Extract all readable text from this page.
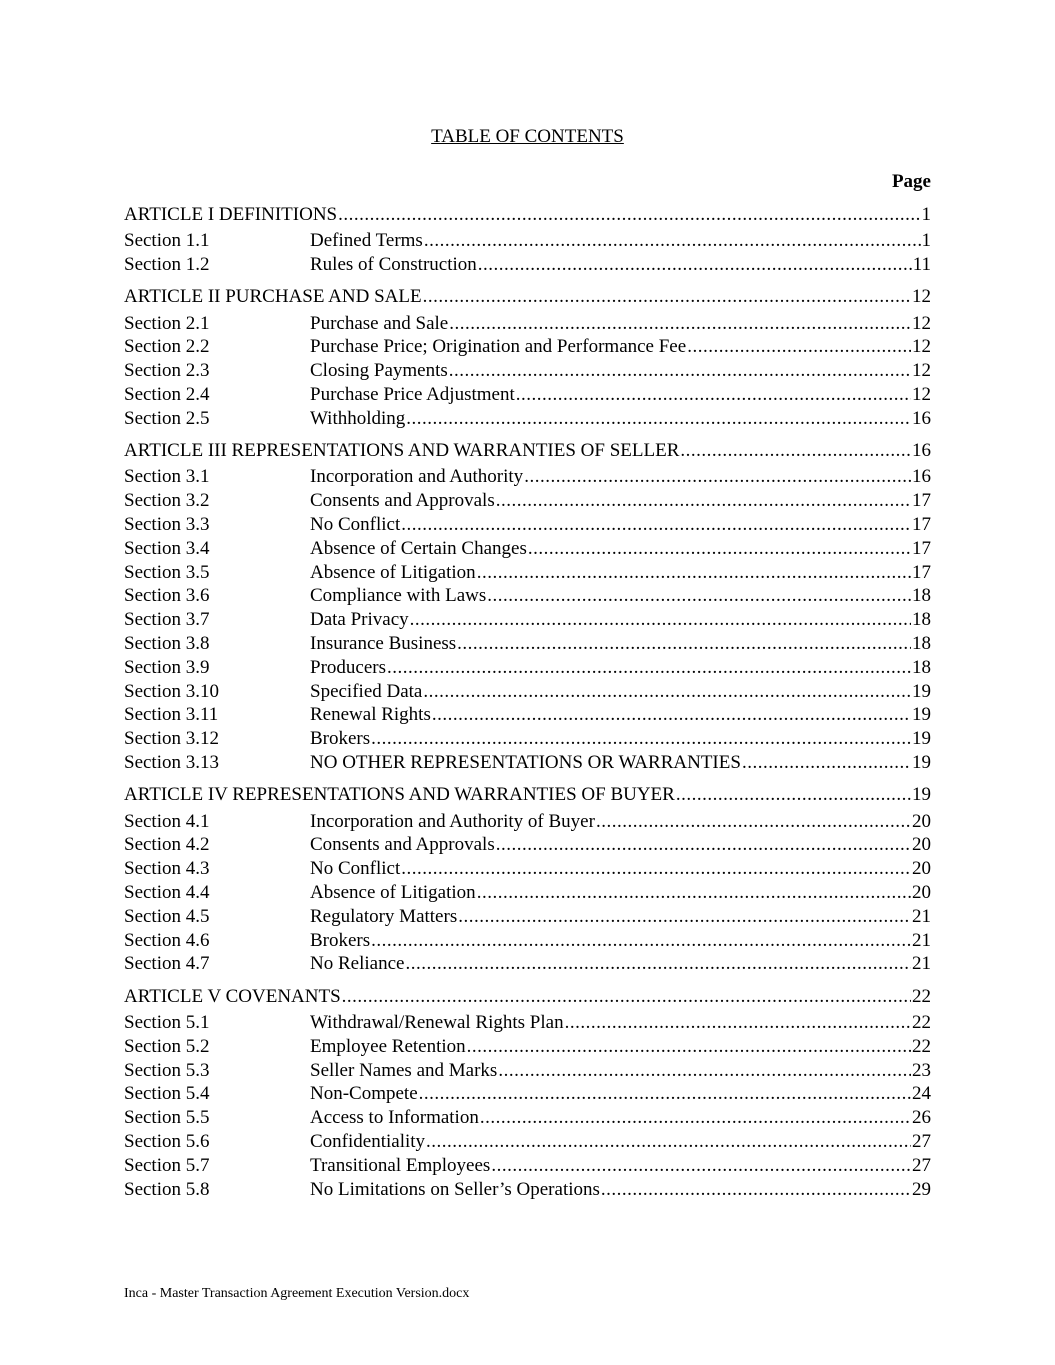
TABLE OF CONTENTS
Page
ARTICLE I DEFINITIONS .....	1
Section 1.1	Defined Terms .....	1
Section 1.2	Rules of Construction .....	11
ARTICLE II PURCHASE AND SALE .....	12
Section 2.1	Purchase and Sale .....	12
Section 2.2	Purchase Price; Origination and Performance Fee .....	12
Section 2.3	Closing Payments .....	12
Section 2.4	Purchase Price Adjustment .....	12
Section 2.5	Withholding .....	16
ARTICLE III REPRESENTATIONS AND WARRANTIES OF SELLER .....	16
Section 3.1	Incorporation and Authority .....	16
Section 3.2	Consents and Approvals .....	17
Section 3.3	No Conflict .....	17
Section 3.4	Absence of Certain Changes .....	17
Section 3.5	Absence of Litigation .....	17
Section 3.6	Compliance with Laws .....	18
Section 3.7	Data Privacy .....	18
Section 3.8	Insurance Business .....	18
Section 3.9	Producers .....	18
Section 3.10	Specified Data .....	19
Section 3.11	Renewal Rights .....	19
Section 3.12	Brokers .....	19
Section 3.13	NO OTHER REPRESENTATIONS OR WARRANTIES .....	19
ARTICLE IV REPRESENTATIONS AND WARRANTIES OF BUYER .....	19
Section 4.1	Incorporation and Authority of Buyer .....	20
Section 4.2	Consents and Approvals .....	20
Section 4.3	No Conflict .....	20
Section 4.4	Absence of Litigation .....	20
Section 4.5	Regulatory Matters .....	21
Section 4.6	Brokers .....	21
Section 4.7	No Reliance .....	21
ARTICLE V COVENANTS .....	22
Section 5.1	Withdrawal/Renewal Rights Plan .....	22
Section 5.2	Employee Retention .....	22
Section 5.3	Seller Names and Marks .....	23
Section 5.4	Non-Compete .....	24
Section 5.5	Access to Information .....	26
Section 5.6	Confidentiality .....	27
Section 5.7	Transitional Employees .....	27
Section 5.8	No Limitations on Seller’s Operations .....	29
Inca - Master Transaction Agreement Execution Version.docx
